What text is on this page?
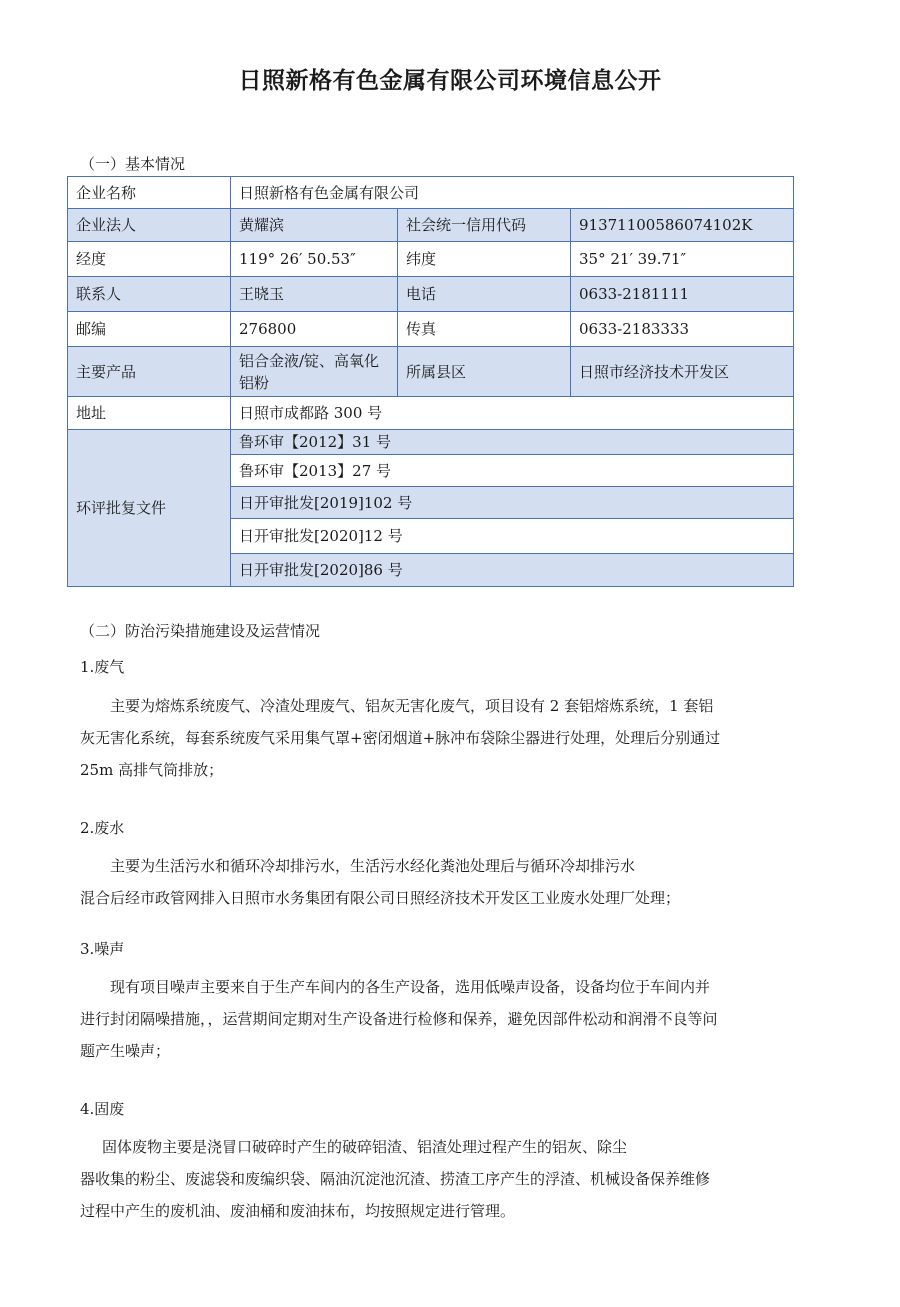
日照新格有色金属有限公司环境信息公开
（一）基本情况
企业名称	日照新格有色金属有限公司		
企业法人	黄耀滨	社会统一信用代码	91371100586074102K
经度	119° 26′ 50.53″	纬度	35° 21′ 39.71″
联系人	王晓玉	电话	0633-2181111
邮编	276800	传真	0633-2183333
主要产品	铝合金液/锭、高氧化铝粉	所属县区	日照市经济技术开发区
地址	日照市成都路 300 号		
环评批复文件	鲁环审【2012】31 号		
	鲁环审【2013】27 号		
	日开审批发[2019]102 号		
	日开审批发[2020]12 号		
	日开审批发[2020]86 号		
（二）防治污染措施建设及运营情况
1.废气
主要为熔炼系统废气、冷渣处理废气、铝灰无害化废气，项目设有 2 套铝熔炼系统，1 套铝
灰无害化系统，每套系统废气采用集气罩+密闭烟道+脉冲布袋除尘器进行处理，处理后分别通过
25m 高排气筒排放；
2.废水
主要为生活污水和循环冷却排污水，生活污水经化粪池处理后与循环冷却排污水
混合后经市政管网排入日照市水务集团有限公司日照经济技术开发区工业废水处理厂处理；
3.噪声
现有项目噪声主要来自于生产车间内的各生产设备，选用低噪声设备，设备均位于车间内并
进行封闭隔噪措施，，运营期间定期对生产设备进行检修和保养，避免因部件松动和润滑不良等问
题产生噪声；
4.固废
固体废物主要是浇冒口破碎时产生的破碎铝渣、铝渣处理过程产生的铝灰、除尘
器收集的粉尘、废滤袋和废编织袋、隔油沉淀池沉渣、捞渣工序产生的浮渣、机械设备保养维修
过程中产生的废机油、废油桶和废油抹布，均按照规定进行管理。
